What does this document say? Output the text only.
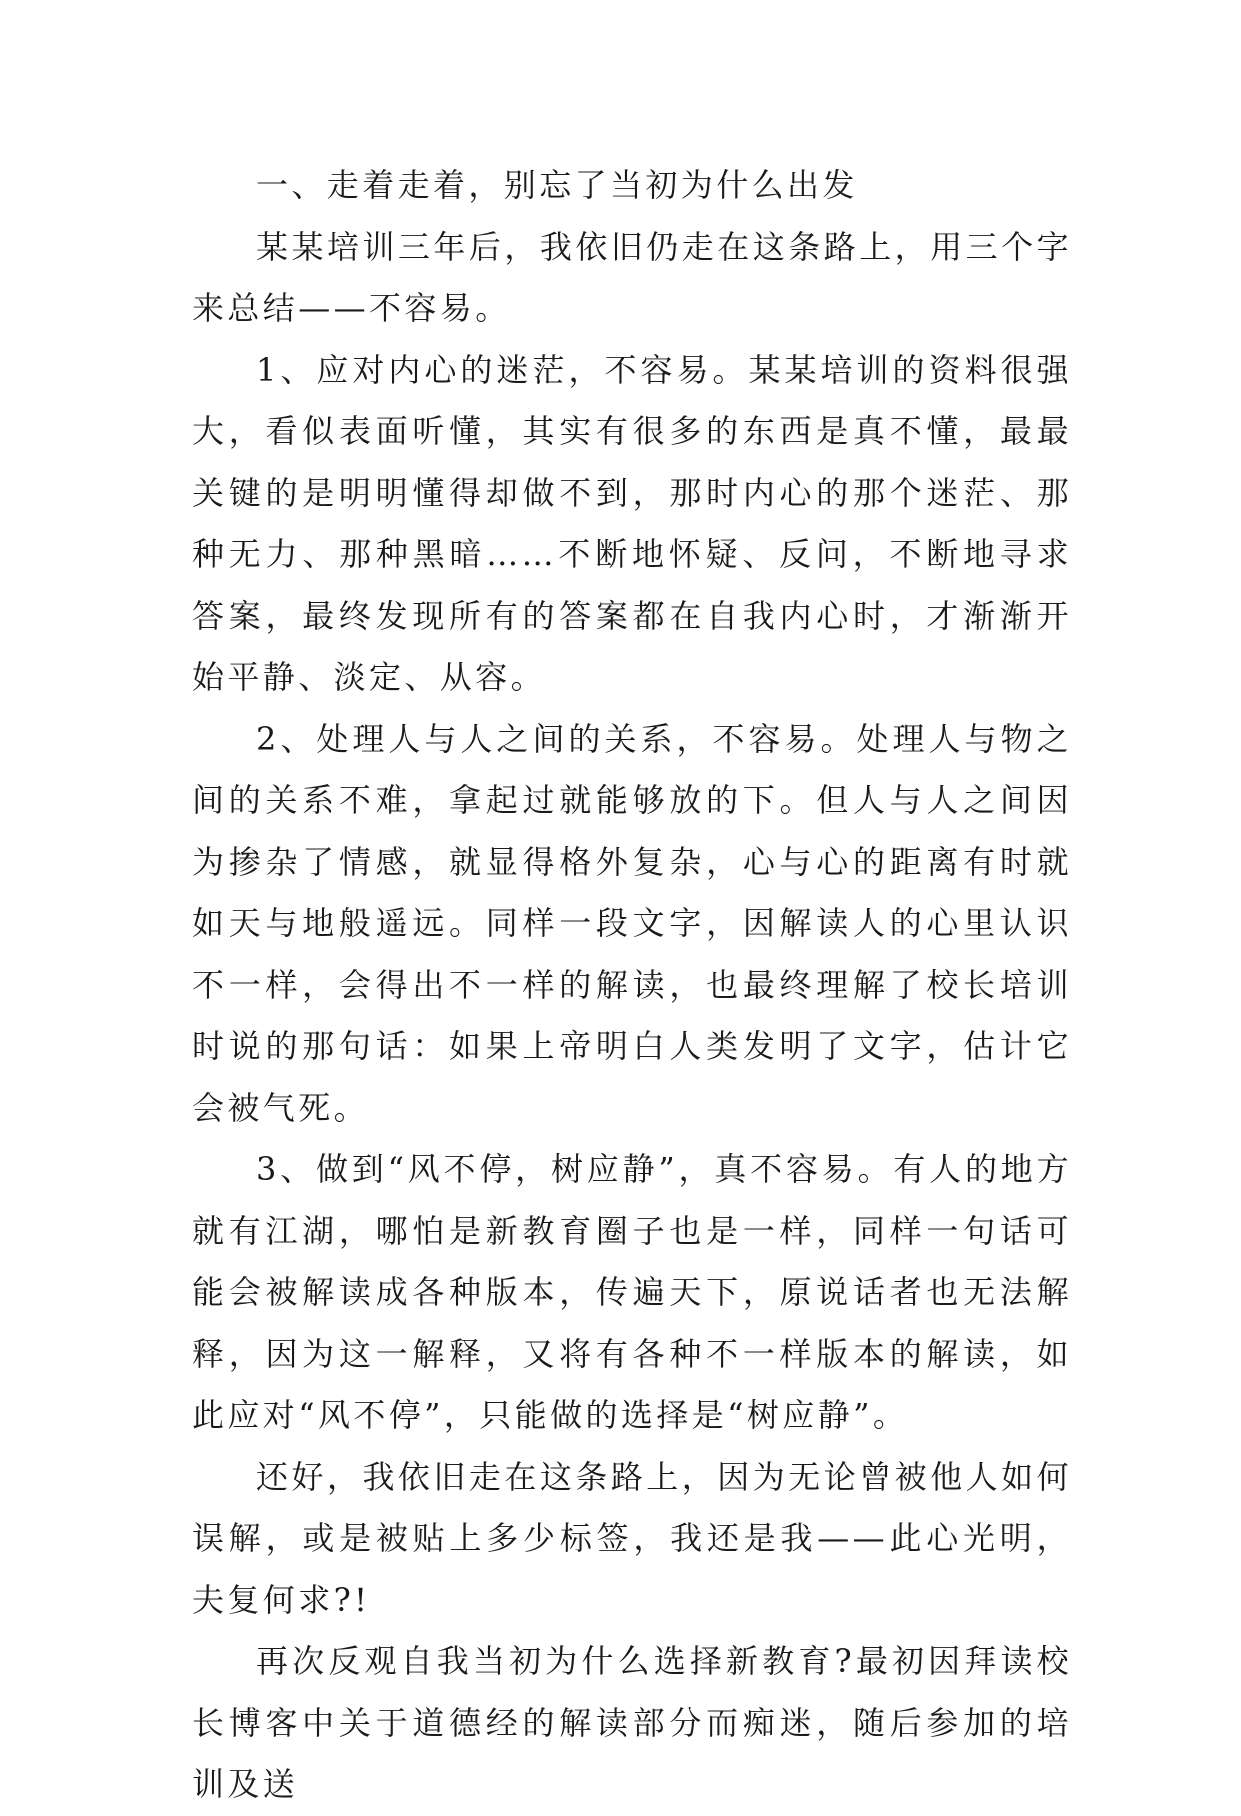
一、走着走着，别忘了当初为什么出发

某某培训三年后，我依旧仍走在这条路上，用三个字来总结——不容易。

1、应对内心的迷茫，不容易。某某培训的资料很强大，看似表面听懂，其实有很多的东西是真不懂，最最关键的是明明懂得却做不到，那时内心的那个迷茫、那种无力、那种黑暗……不断地怀疑、反问，不断地寻求答案，最终发现所有的答案都在自我内心时，才渐渐开始平静、淡定、从容。

2、处理人与人之间的关系，不容易。处理人与物之间的关系不难，拿起过就能够放的下。但人与人之间因为掺杂了情感，就显得格外复杂，心与心的距离有时就如天与地般遥远。同样一段文字，因解读人的心里认识不一样，会得出不一样的解读，也最终理解了校长培训时说的那句话：如果上帝明白人类发明了文字，估计它会被气死。

3、做到“风不停，树应静”，真不容易。有人的地方就有江湖，哪怕是新教育圈子也是一样，同样一句话可能会被解读成各种版本，传遍天下，原说话者也无法解释，因为这一解释，又将有各种不一样版本的解读，如此应对“风不停”，只能做的选择是“树应静”。

还好，我依旧走在这条路上，因为无论曾被他人如何误解，或是被贴上多少标签，我还是我——此心光明，夫复何求?!

再次反观自我当初为什么选择新教育?最初因拜读校长博客中关于道德经的解读部分而痴迷，随后参加的培训及送
